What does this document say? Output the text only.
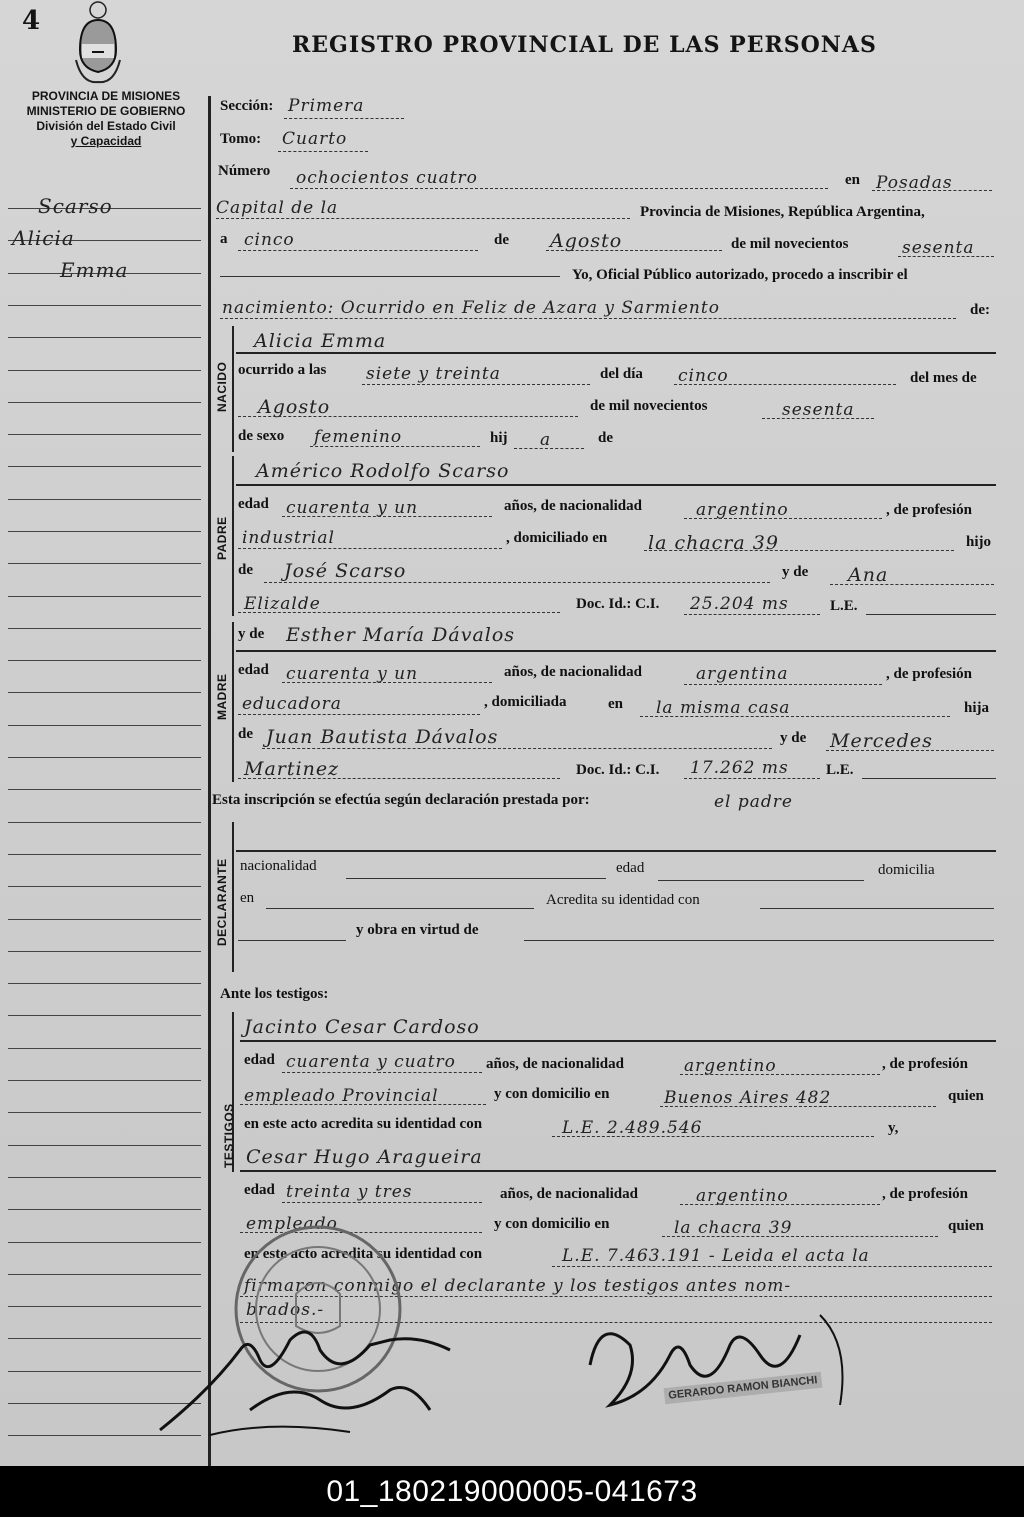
4
REGISTRO PROVINCIAL DE LAS PERSONAS
PROVINCIA DE MISIONES
MINISTERIO DE GOBIERNO
División del Estado Civil
y Capacidad
Scarso
Alicia
Emma
Sección: Primera
Tomo: Cuarto
Número ochocientos cuatro	en Posadas
Capital de la	Provincia de Misiones, República Argentina,
a cinco	de Agosto	de mil novecientos	sesenta
Yo, Oficial Público autorizado, procedo a inscribir el
nacimiento: Ocurrido en Feliz de Azara y Sarmiento	de:
NACIDO
Alicia Emma
ocurrido a las siete y treinta	del día cinco	del mes de
Agosto	de mil novecientos	sesenta
de sexo femenino	hij a	de
PADRE
Américo Rodolfo Scarso
edad cuarenta y un	años, de nacionalidad	argentino	, de profesión
industrial	, domiciliado en la chacra 39	hijo
de José Scarso	y de Ana
Elizalde	Doc. Id.: C.I. 25.204 ms	L.E.
MADRE
y de Esther María Dávalos
edad cuarenta y un	años, de nacionalidad	argentina	, de profesión
educadora	, domiciliada	en la misma casa	hija
de Juan Bautista Dávalos	y de Mercedes
Martinez	Doc. Id.: C.I. 17.262 ms L.E.
Esta inscripción se efectúa según declaración prestada por:	el padre
DECLARANTE nacionalidad	edad	domicilia
en	Acredita su identidad con
y obra en virtud de
Ante los testigos:
TESTIGOS
Jacinto Cesar Cardoso
edad cuarenta y cuatro años, de nacionalidad	argentino	, de profesión
empleado Provincial	y con domicilio en	Buenos Aires 482	quien
en este acto acredita su identidad con	L.E. 2.489.546	y,
Cesar Hugo Aragueira
edad treinta y tres	años, de nacionalidad	argentino	, de profesión
empleado	y con domicilio en	la chacra 39	quien
en este acto acredita su identidad con	L.E. 7.463.191 - Leida el acta la
firmaron conmigo el declarante y los testigos antes nom-
brados.-
GERARDO RAMON BIANCHI
01_180219000005-041673
